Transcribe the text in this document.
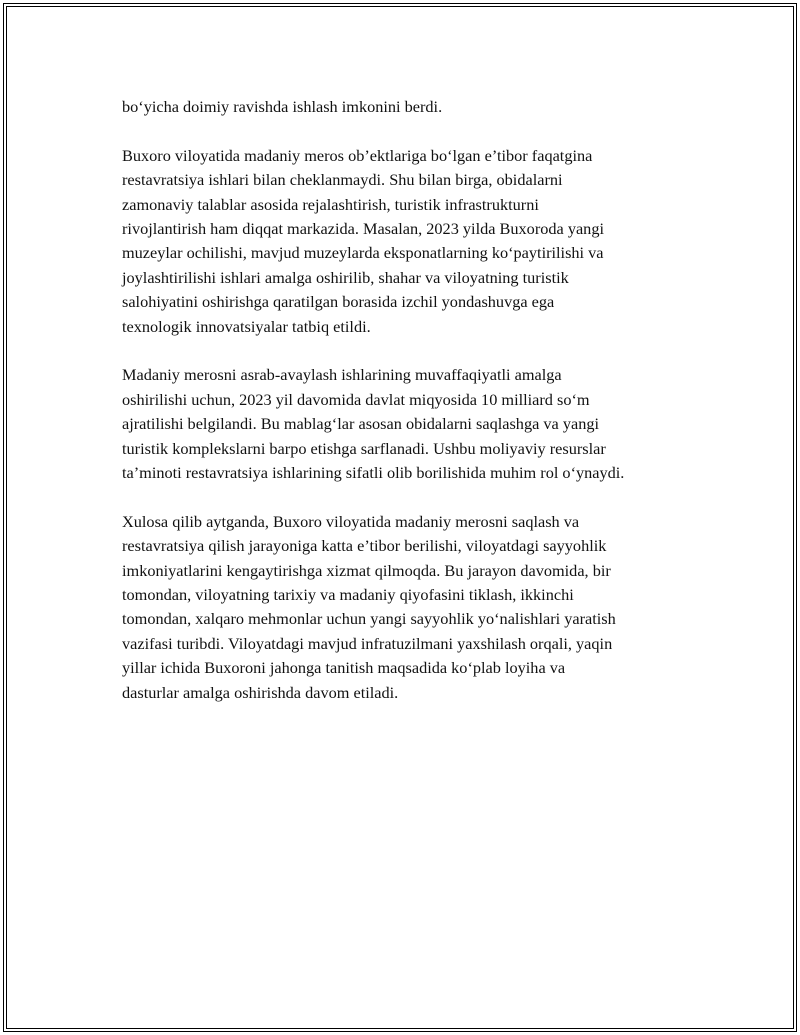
bo‘yicha doimiy ravishda ishlash imkonini berdi.

Buxoro viloyatida madaniy meros ob’ektlariga bo‘lgan e’tibor faqatgina
restavratsiya ishlari bilan cheklanmaydi. Shu bilan birga, obidalarni
zamonaviy talablar asosida rejalashtirish, turistik infrastrukturni
rivojlantirish ham diqqat markazida. Masalan, 2023 yilda Buxoroda yangi
muzeylar ochilishi, mavjud muzeylarda eksponatlarning ko‘paytirilishi va
joylashtirilishi ishlari amalga oshirilib, shahar va viloyatning turistik
salohiyatini oshirishga qaratilgan borasida izchil yondashuvga ega
texnologik innovatsiyalar tatbiq etildi.

Madaniy merosni asrab-avaylash ishlarining muvaffaqiyatli amalga
oshirilishi uchun, 2023 yil davomida davlat miqyosida 10 milliard so‘m
ajratilishi belgilandi. Bu mablag‘lar asosan obidalarni saqlashga va yangi
turistik komplekslarni barpo etishga sarflanadi. Ushbu moliyaviy resurslar
ta’minoti restavratsiya ishlarining sifatli olib borilishida muhim rol o‘ynaydi.

Xulosa qilib aytganda, Buxoro viloyatida madaniy merosni saqlash va
restavratsiya qilish jarayoniga katta e’tibor berilishi, viloyatdagi sayyohlik
imkoniyatlarini kengaytirishga xizmat qilmoqda. Bu jarayon davomida, bir
tomondan, viloyatning tarixiy va madaniy qiyofasini tiklash, ikkinchi
tomondan, xalqaro mehmonlar uchun yangi sayyohlik yo‘nalishlari yaratish
vazifasi turibdi. Viloyatdagi mavjud infratuzilmani yaxshilash orqali, yaqin
yillar ichida Buxoroni jahonga tanitish maqsadida ko‘plab loyiha va
dasturlar amalga oshirishda davom etiladi.
